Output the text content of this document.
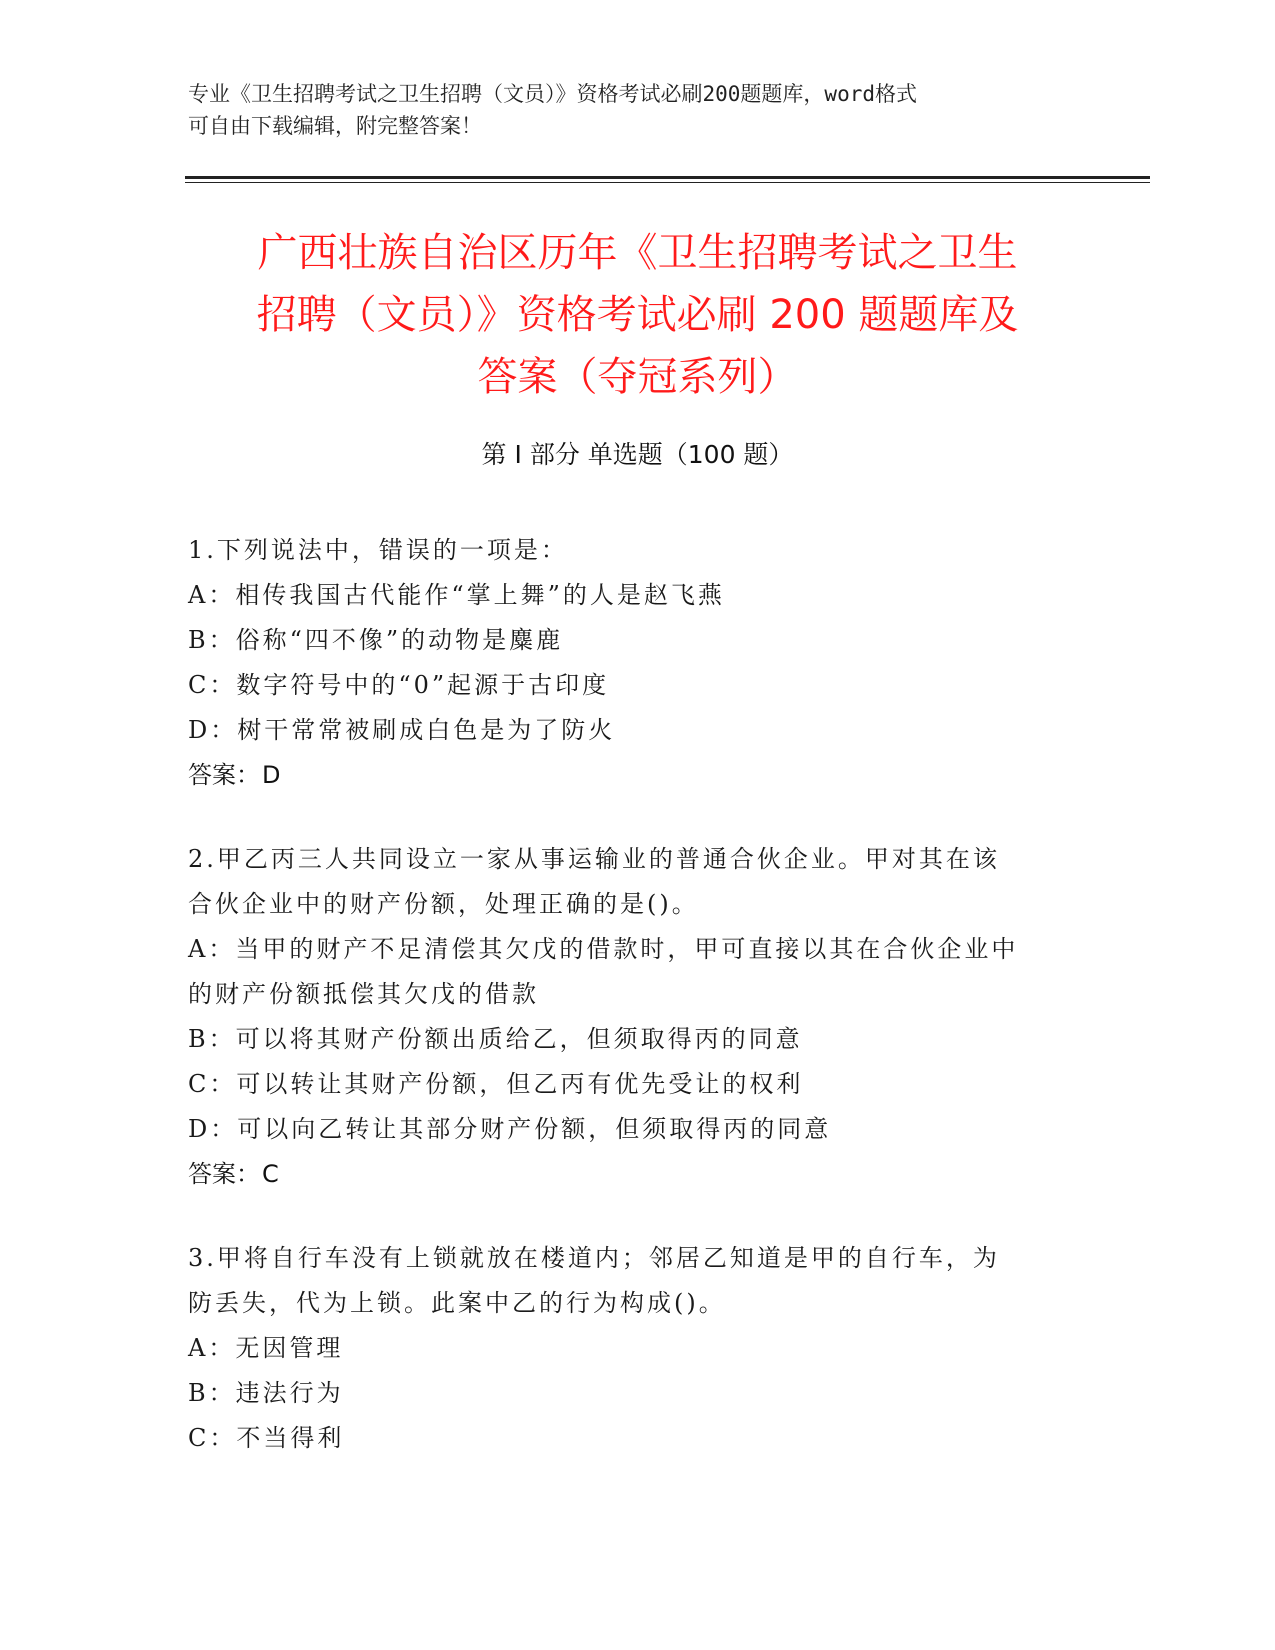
专业《卫生招聘考试之卫生招聘（文员）》资格考试必刷200题题库，word格式

可自由下载编辑，附完整答案！

广西壮族自治区历年《卫生招聘考试之卫生
招聘（文员）》资格考试必刷 200 题题库及
答案（夺冠系列）
第 I 部分 单选题（100 题）

1.下列说法中，错误的一项是：

A：相传我国古代能作“掌上舞”的人是赵飞燕

B：俗称“四不像”的动物是麋鹿

C：数字符号中的“0”起源于古印度

D：树干常常被刷成白色是为了防火

答案：D

2.甲乙丙三人共同设立一家从事运输业的普通合伙企业。甲对其在该

合伙企业中的财产份额，处理正确的是()。

A：当甲的财产不足清偿其欠戊的借款时，甲可直接以其在合伙企业中

的财产份额抵偿其欠戊的借款

B：可以将其财产份额出质给乙，但须取得丙的同意

C：可以转让其财产份额，但乙丙有优先受让的权利

D：可以向乙转让其部分财产份额，但须取得丙的同意

答案：C

3.甲将自行车没有上锁就放在楼道内；邻居乙知道是甲的自行车，为

防丢失，代为上锁。此案中乙的行为构成()。

A：无因管理

B：违法行为

C：不当得利
